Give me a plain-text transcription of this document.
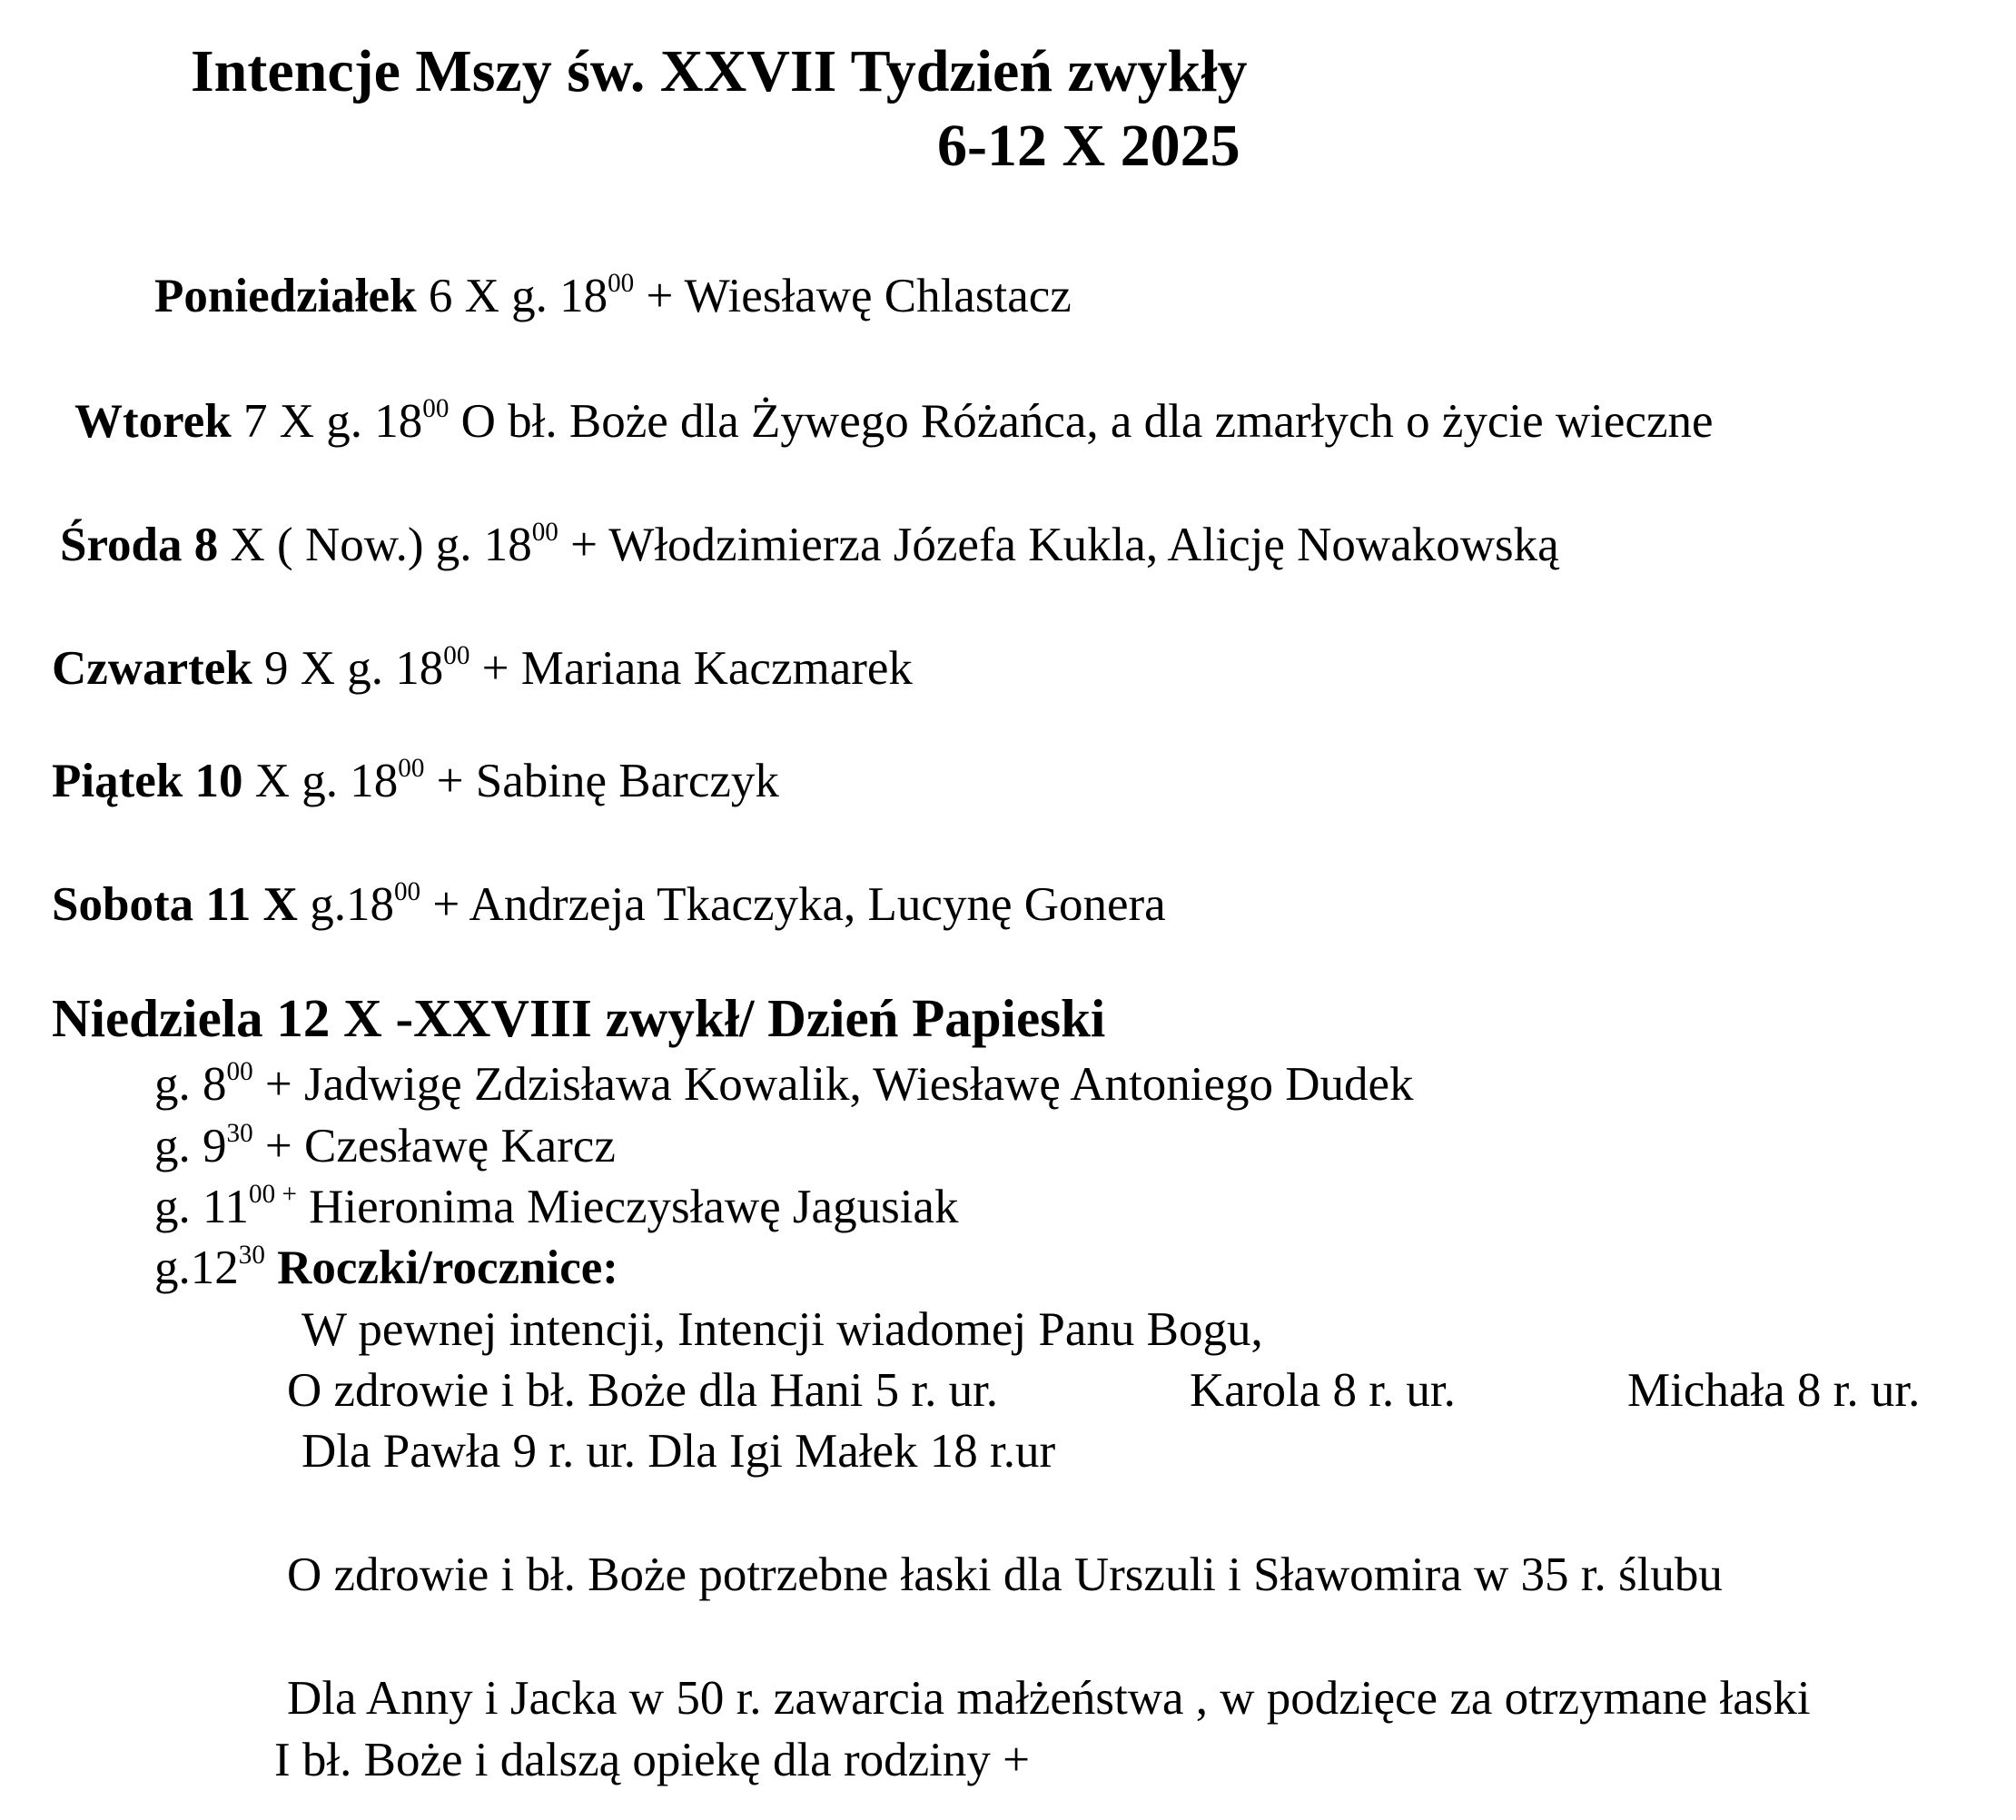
Intencje Mszy św. XXVII Tydzień zwykły
6-12 X 2025
Poniedziałek 6 X g. $18^{00}$ + Wiesławę Chlastacz
Wtorek 7 X g. $18^{00}$ O bł. Boże dla Żywego Różańca, a dla zmarłych o życie wieczne
Środa 8 X ( Now.) g. $18^{00}$ + Włodzimierza Józefa Kukla, Alicję Nowakowską
Czwartek 9 X g. $18^{00}$ + Mariana Kaczmarek
Piątek 10 X g. $18^{00}$ + Sabinę Barczyk
Sobota 11 X $g.18^{00}$ + Andrzeja Tkaczyka, Lucynę Gonera
Niedziela 12 X -XXVIII zwykł/ Dzień Papieski
g. $8^{00}$ + Jadwigę Zdzisława Kowalik, Wiesławę Antoniego Dudek
g. $9^{30}$ + Czesławę Karcz
g. $11^{00 +}$ Hieronima Mieczysławę Jagusiak
$g.12^{30}$ Roczki/rocznice:
W pewnej intencji, Intencji wiadomej Panu Bogu,
O zdrowie i bł. Boże dla Hani 5 r. ur.	Karola 8 r. ur.	Michała 8 r. ur.
Dla Pawła 9 r. ur. Dla Igi Małek 18 r.ur
O zdrowie i bł. Boże potrzebne łaski dla Urszuli i Sławomira w 35 r. ślubu
Dla Anny i Jacka w 50 r. zawarcia małżeństwa , w podzięce za otrzymane łaski
I bł. Boże i dalszą opiekę dla rodziny +
